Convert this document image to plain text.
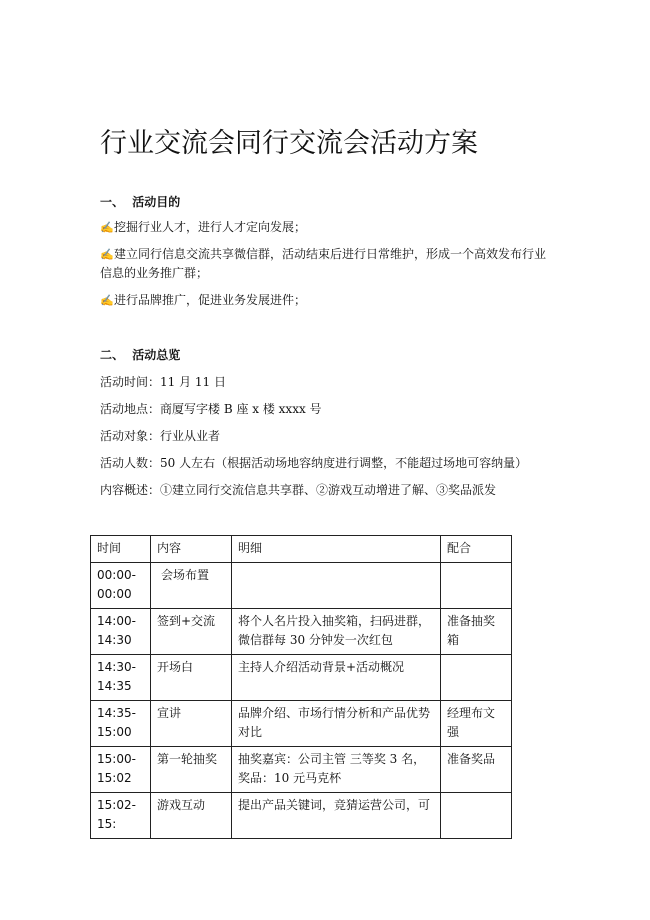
行业交流会同行交流会活动方案
一、 活动目的
✍挖掘行业人才，进行人才定向发展；
✍建立同行信息交流共享微信群，活动结束后进行日常维护，形成一个高效发布行业信息的业务推广群；
✍进行品牌推广，促进业务发展进件；
二、 活动总览
活动时间：11 月 11 日
活动地点：商厦写字楼 B 座 x 楼 xxxx 号
活动对象：行业从业者
活动人数：50 人左右（根据活动场地容纳度进行调整，不能超过场地可容纳量）
内容概述：①建立同行交流信息共享群、②游戏互动增进了解、③奖品派发
时间	内容	明细	配合
00:00-00:00	会场布置		
14:00-14:30	签到+交流	将个人名片投入抽奖箱，扫码进群，微信群每 30 分钟发一次红包	准备抽奖箱
14:30-14:35	开场白	主持人介绍活动背景+活动概况	
14:35-15:00	宣讲	品牌介绍、市场行情分析和产品优势对比	经理布文强
15:00-15:02	第一轮抽奖	抽奖嘉宾：公司主管 三等奖 3 名，奖品：10 元马克杯	准备奖品
15:02-15:	游戏互动	提出产品关键词，竞猜运营公司，可	
